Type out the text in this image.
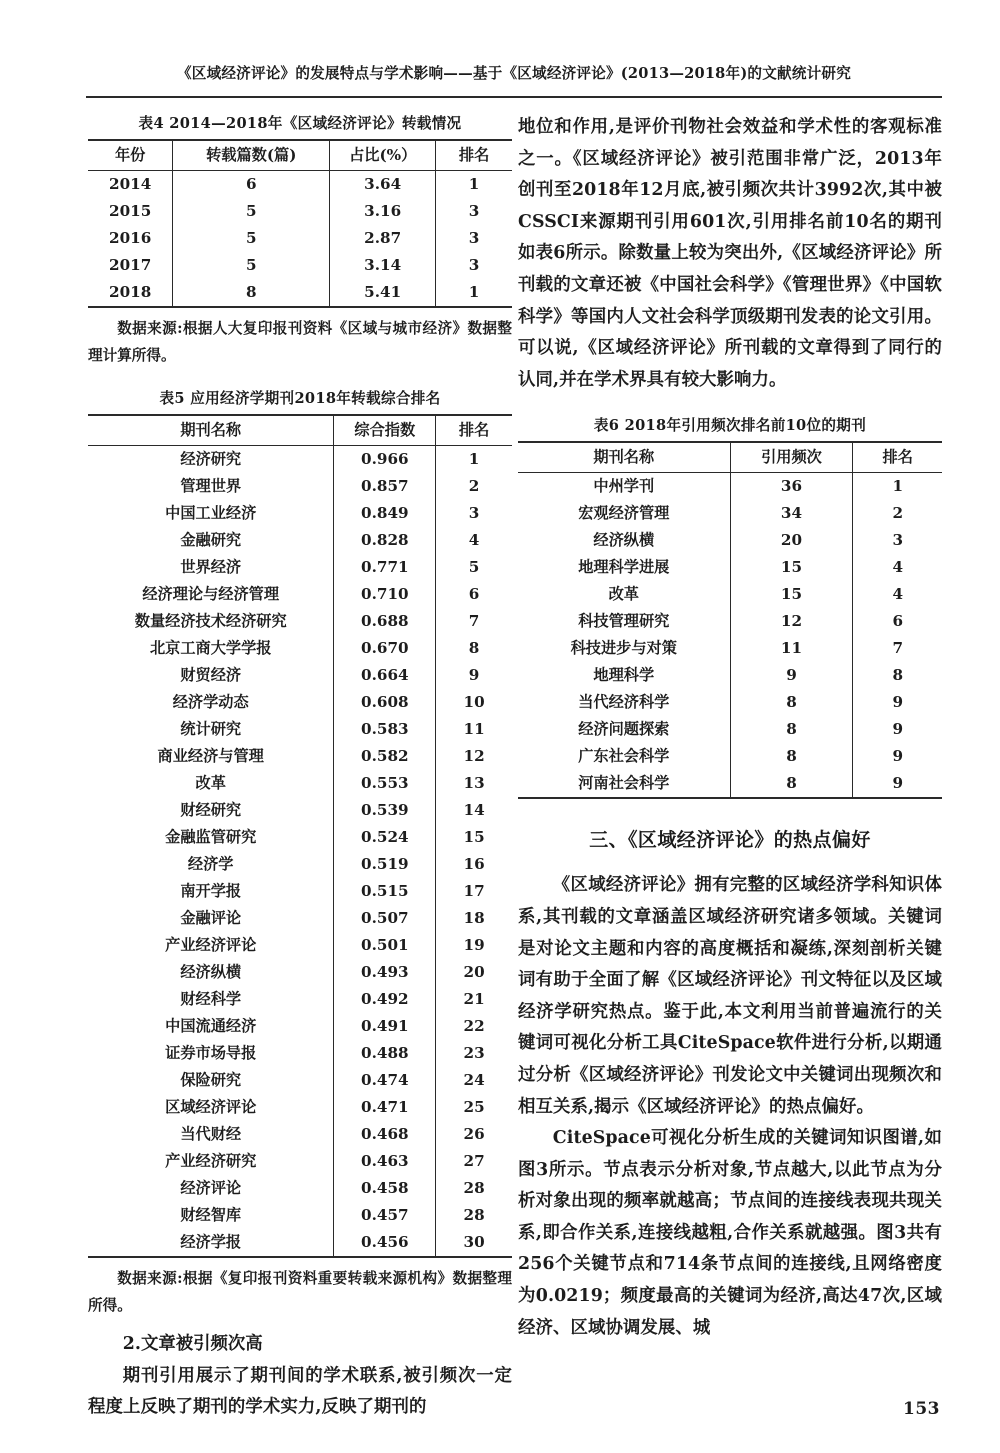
《区域经济评论》的发展特点与学术影响——基于《区域经济评论》(2013—2018年)的文献统计研究
表4 2014—2018年《区域经济评论》转载情况
年份	转载篇数(篇)	占比(%）	排名
2014	6	3.64	1
2015	5	3.16	3
2016	5	2.87	3
2017	5	3.14	3
2018	8	5.41	1
数据来源:根据人大复印报刊资料《区域与城市经济》数据整理计算所得。
表5 应用经济学期刊2018年转载综合排名
期刊名称	综合指数	排名
经济研究	0.966	1
管理世界	0.857	2
中国工业经济	0.849	3
金融研究	0.828	4
世界经济	0.771	5
经济理论与经济管理	0.710	6
数量经济技术经济研究	0.688	7
北京工商大学学报	0.670	8
财贸经济	0.664	9
经济学动态	0.608	10
统计研究	0.583	11
商业经济与管理	0.582	12
改革	0.553	13
财经研究	0.539	14
金融监管研究	0.524	15
经济学	0.519	16
南开学报	0.515	17
金融评论	0.507	18
产业经济评论	0.501	19
经济纵横	0.493	20
财经科学	0.492	21
中国流通经济	0.491	22
证券市场导报	0.488	23
保险研究	0.474	24
区域经济评论	0.471	25
当代财经	0.468	26
产业经济研究	0.463	27
经济评论	0.458	28
财经智库	0.457	28
经济学报	0.456	30
数据来源:根据《复印报刊资料重要转载来源机构》数据整理所得。
2.文章被引频次高

期刊引用展示了期刊间的学术联系,被引频次一定程度上反映了期刊的学术实力,反映了期刊的

地位和作用,是评价刊物社会效益和学术性的客观标准之一。《区域经济评论》被引范围非常广泛，2013年创刊至2018年12月底,被引频次共计3992次,其中被CSSCI来源期刊引用601次,引用排名前10名的期刊如表6所示。除数量上较为突出外,《区域经济评论》所刊载的文章还被《中国社会科学》《管理世界》《中国软科学》等国内人文社会科学顶级期刊发表的论文引用。可以说,《区域经济评论》所刊载的文章得到了同行的认同,并在学术界具有较大影响力。

表6 2018年引用频次排名前10位的期刊
期刊名称	引用频次	排名
中州学刊	36	1
宏观经济管理	34	2
经济纵横	20	3
地理科学进展	15	4
改革	15	4
科技管理研究	12	6
科技进步与对策	11	7
地理科学	9	8
当代经济科学	8	9
经济问题探索	8	9
广东社会科学	8	9
河南社会科学	8	9
三、《区域经济评论》的热点偏好

《区域经济评论》拥有完整的区域经济学科知识体系,其刊载的文章涵盖区域经济研究诸多领域。关键词是对论文主题和内容的高度概括和凝练,深刻剖析关键词有助于全面了解《区域经济评论》刊文特征以及区域经济学研究热点。鉴于此,本文利用当前普遍流行的关键词可视化分析工具CiteSpace软件进行分析,以期通过分析《区域经济评论》刊发论文中关键词出现频次和相互关系,揭示《区域经济评论》的热点偏好。

CiteSpace可视化分析生成的关键词知识图谱,如图3所示。节点表示分析对象,节点越大,以此节点为分析对象出现的频率就越高；节点间的连接线表现共现关系,即合作关系,连接线越粗,合作关系就越强。图3共有256个关键节点和714条节点间的连接线,且网络密度为0.0219；频度最高的关键词为经济,高达47次,区域经济、区域协调发展、城

153
